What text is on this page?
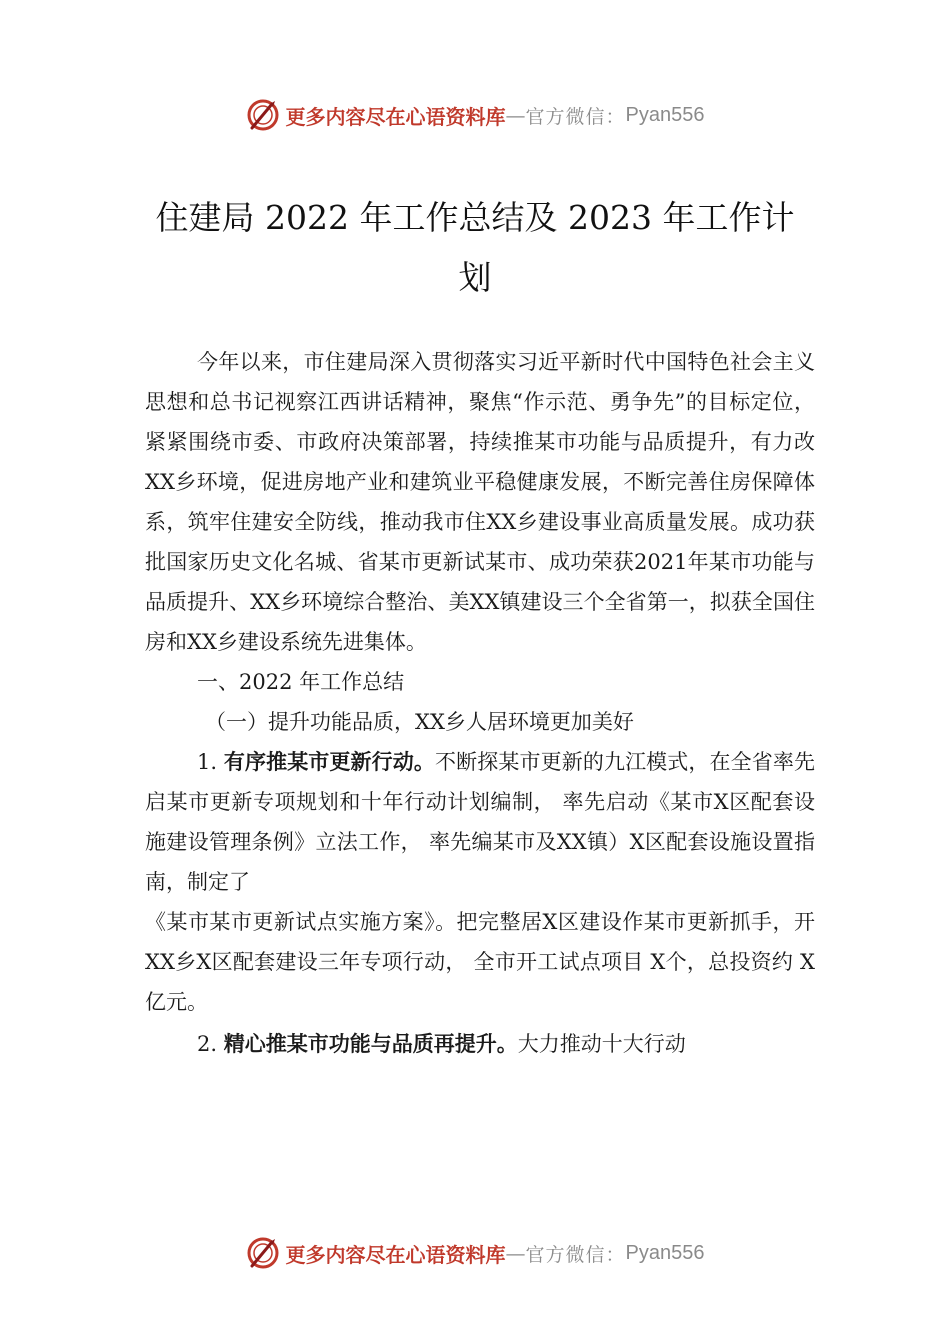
更多内容尽在心语资料库 — 官方微信： Pyan556
住建局 2022 年工作总结及 2023 年工作计
划

今年以来，市住建局深入贯彻落实习近平新时代中国特色社会主义思想和总书记视察江西讲话精神，聚焦“作示范、勇争先”的目标定位，紧紧围绕市委、市政府决策部署，持续推某市功能与品质提升，有力改XX乡环境，促进房地产业和建筑业平稳健康发展，不断完善住房保障体系，筑牢住建安全防线，推动我市住XX乡建设事业高质量发展。成功获批国家历史文化名城、省某市更新试某市、成功荣获2021年某市功能与品质提升、XX乡环境综合整治、美XX镇建设三个全省第一，拟获全国住房和XX乡建设系统先进集体。

一、2022 年工作总结

（一）提升功能品质，XX乡人居环境更加美好

1. 有序推某市更新行动。不断探某市更新的九江模式，在全省率先启某市更新专项规划和十年行动计划编制， 率先启动《某市X区配套设施建设管理条例》立法工作， 率先编某市及XX镇）X区配套设施设置指南，制定了

《某市某市更新试点实施方案》。把完整居X区建设作某市更新抓手，开XX乡X区配套建设三年专项行动， 全市开工试点项目 X个，总投资约 X亿元。

2. 精心推某市功能与品质再提升。大力推动十大行动

更多内容尽在心语资料库 — 官方微信： Pyan556
